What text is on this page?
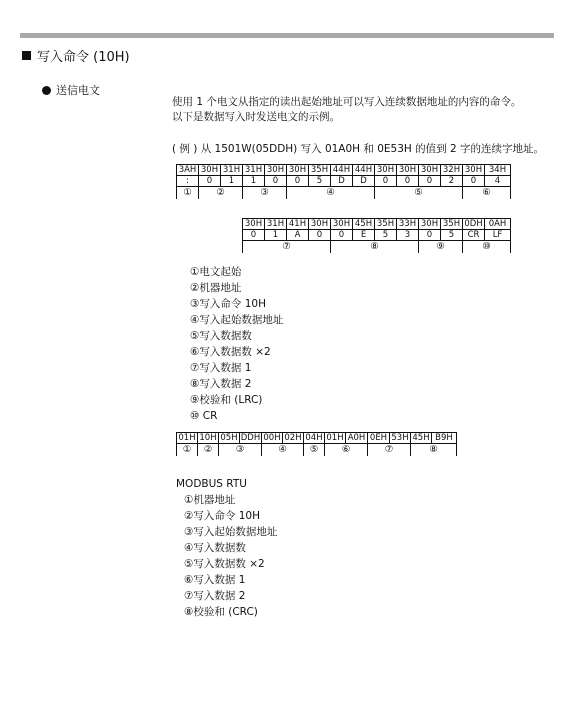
写入命令 (10H)
送信电文
使用 1 个电文从指定的读出起始地址可以写入连续数据地址的内容的命令。
以下是数据写入时发送电文的示例。
( 例 ) 从 1501W(05DDH) 写入 01A0H 和 0E53H 的值到 2 字的连续字地址。
3AH	30H	31H	31H	30H	30H	35H	44H	44H	30H	30H	30H	32H	30H	34H
:	0	1	1	0	0	5	D	D	0	0	0	2	0	4
①	②		③		④				⑤				⑥	
30H	31H	41H	30H	30H	45H	35H	33H	30H	35H	0DH	0AH
0	1	A	0	0	E	5	3	0	5	CR	LF
⑦				⑧				⑨		⑩	
①电文起始
②机器地址
③写入命令 10H
④写入起始数据地址
⑤写入数据数
⑥写入数据数 ×2
⑦写入数据 1
⑧写入数据 2
⑨校验和 (LRC)
⑩ CR
01H	10H	05H	DDH	00H	02H	04H	01H	A0H	0EH	53H	45H	B9H
①	②	③		④		⑤	⑥		⑦		⑧	
MODBUS RTU
①机器地址
②写入命令 10H
③写入起始数据地址
④写入数据数
⑤写入数据数 ×2
⑥写入数据 1
⑦写入数据 2
⑧校验和 (CRC)
